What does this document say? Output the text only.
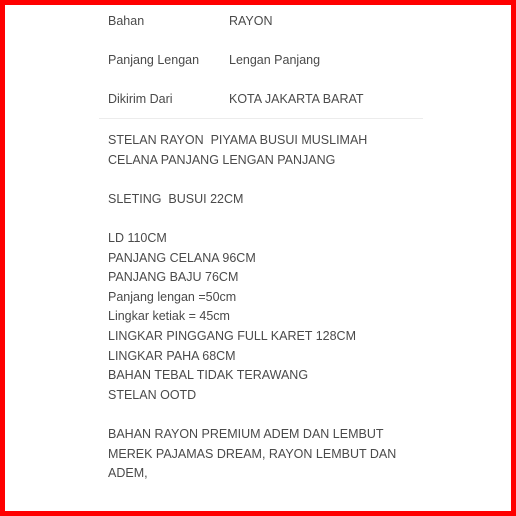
Bahan	RAYON
Panjang Lengan Lengan Panjang
Dikirim Dari	KOTA JAKARTA BARAT

STELAN RAYON  PIYAMA BUSUI MUSLIMAH CELANA PANJANG LENGAN PANJANG

SLETING  BUSUI 22CM

LD 110CM
PANJANG CELANA 96CM
PANJANG BAJU 76CM
Panjang lengan =50cm
Lingkar ketiak = 45cm
LINGKAR PINGGANG FULL KARET 128CM
LINGKAR PAHA 68CM
BAHAN TEBAL TIDAK TERAWANG
STELAN OOTD

BAHAN RAYON PREMIUM ADEM DAN LEMBUT MEREK PAJAMAS DREAM, RAYON LEMBUT DAN ADEM,
